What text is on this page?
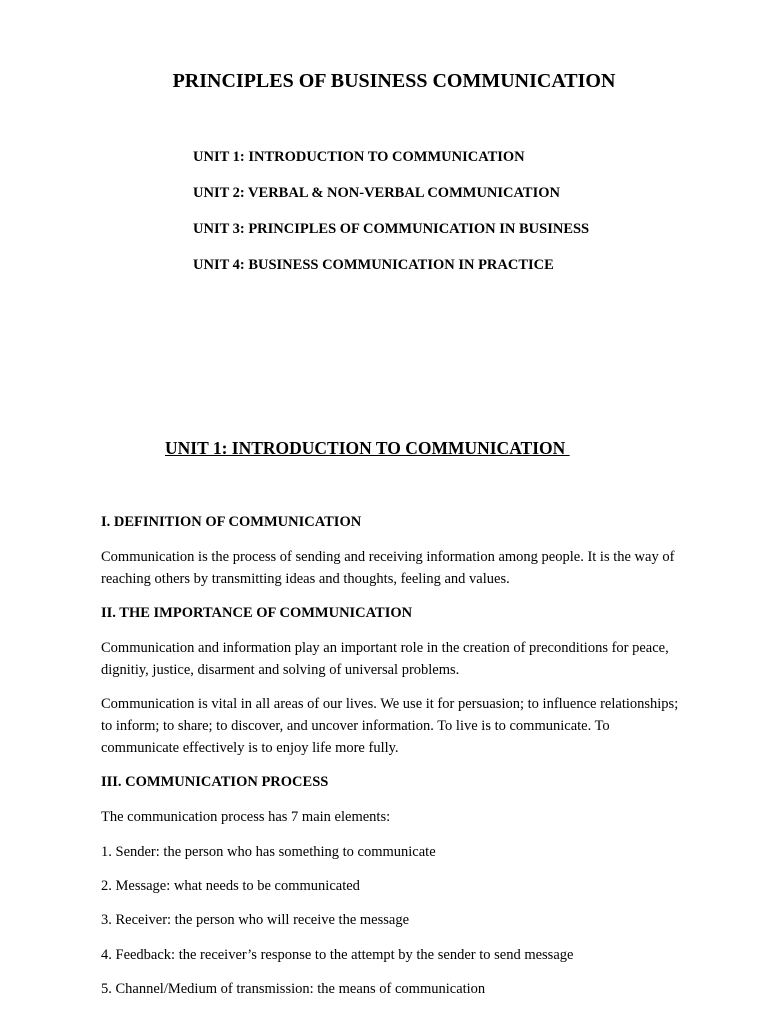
PRINCIPLES OF BUSINESS COMMUNICATION
UNIT 1: INTRODUCTION TO COMMUNICATION
UNIT 2: VERBAL & NON-VERBAL COMMUNICATION
UNIT 3: PRINCIPLES OF COMMUNICATION IN BUSINESS
UNIT 4: BUSINESS COMMUNICATION IN PRACTICE
UNIT 1: INTRODUCTION TO COMMUNICATION
I. DEFINITION OF COMMUNICATION

Communication is the process of sending and receiving information among people. It is the way of reaching others by transmitting ideas and thoughts, feeling and values.

II. THE IMPORTANCE OF COMMUNICATION

Communication and information play an important role in the creation of preconditions for peace, dignitiy, justice, disarment and solving of universal problems.

Communication is vital in all areas of our lives. We use it for persuasion; to influence relationships; to inform; to share; to discover, and uncover information. To live is to communicate. To communicate effectively is to enjoy life more fully.

III. COMMUNICATION PROCESS

The communication process has 7 main elements:

1. Sender: the person who has something to communicate

2. Message: what needs to be communicated

3. Receiver: the person who will receive the message

4. Feedback: the receiver’s response to the attempt by the sender to send message

5. Channel/Medium of transmission: the means of communication
